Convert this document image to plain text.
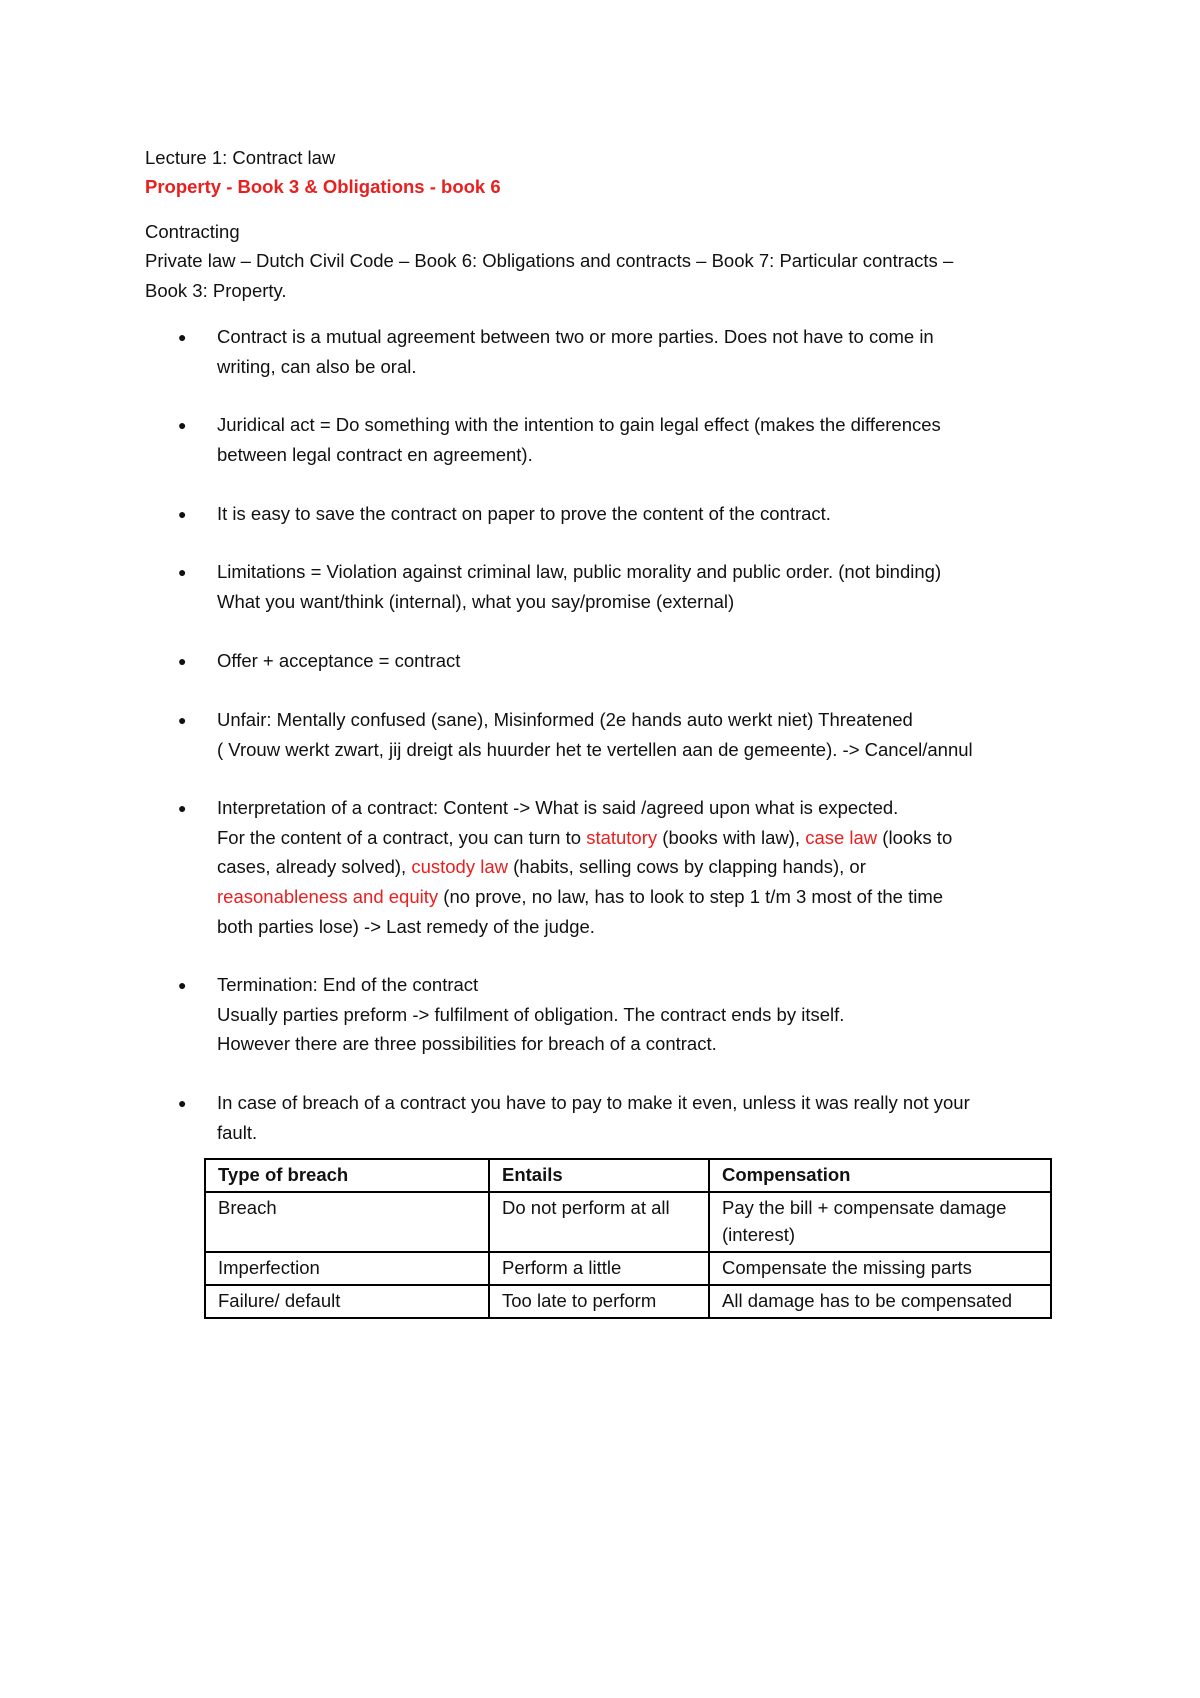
Lecture 1: Contract law
Property - Book 3 & Obligations - book 6
Contracting
Private law – Dutch Civil Code – Book 6: Obligations and contracts – Book 7: Particular contracts –
Book 3: Property.
● Contract is a mutual agreement between two or more parties. Does not have to come in
writing, can also be oral.
● Juridical act = Do something with the intention to gain legal effect (makes the differences
between legal contract en agreement).
● It is easy to save the contract on paper to prove the content of the contract.
● Limitations = Violation against criminal law, public morality and public order. (not binding)
What you want/think (internal), what you say/promise (external)
● Offer + acceptance = contract
● Unfair: Mentally confused (sane), Misinformed (2e hands auto werkt niet) Threatened
( Vrouw werkt zwart, jij dreigt als huurder het te vertellen aan de gemeente). -> Cancel/annul
● Interpretation of a contract: Content -> What is said /agreed upon what is expected.
For the content of a contract, you can turn to statutory (books with law), case law (looks to
cases, already solved), custody law (habits, selling cows by clapping hands), or
reasonableness and equity (no prove, no law, has to look to step 1 t/m 3 most of the time
both parties lose) -> Last remedy of the judge.
● Termination: End of the contract
Usually parties preform -> fulfilment of obligation. The contract ends by itself.
However there are three possibilities for breach of a contract.
● In case of breach of a contract you have to pay to make it even, unless it was really not your
fault.
Type of breach	Entails	Compensation
Breach	Do not perform at all	Pay the bill + compensate damage
(interest)
Imperfection	Perform a little	Compensate the missing parts
Failure/ default	Too late to perform	All damage has to be compensated
